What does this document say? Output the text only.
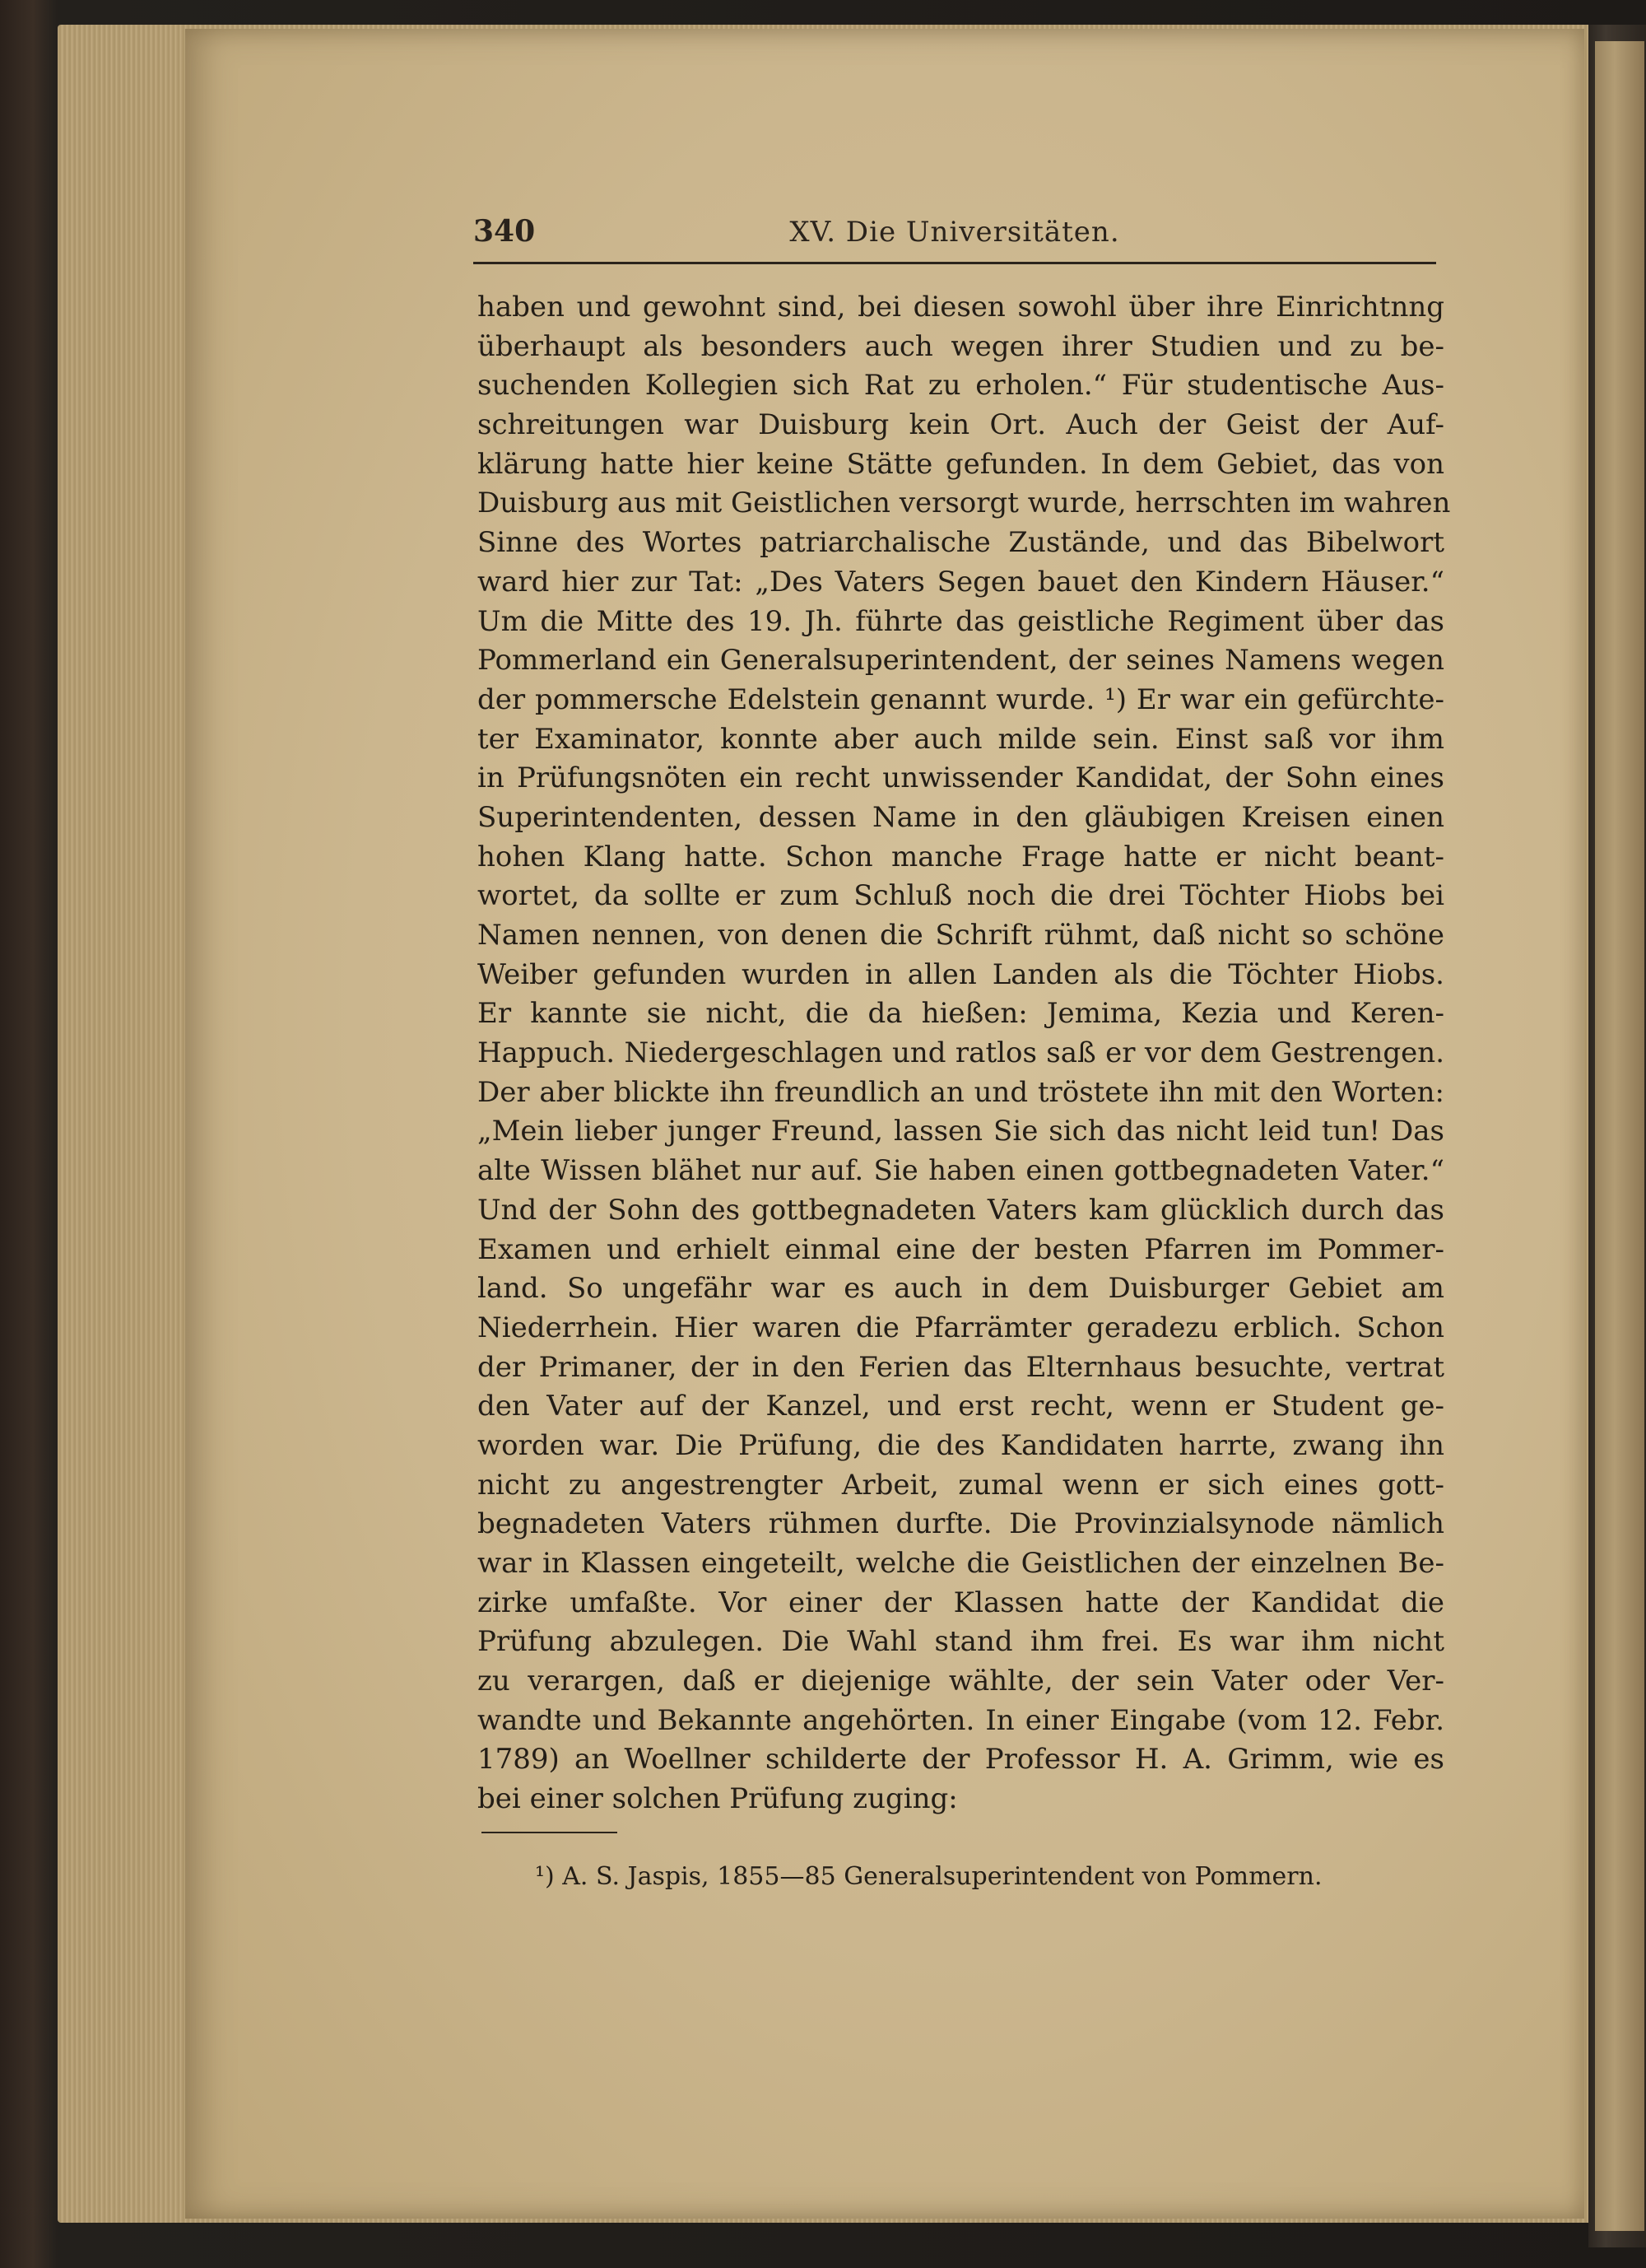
340	XV. Die Universitäten.
haben und gewohnt sind, bei diesen sowohl über ihre Einrichtnng
überhaupt als besonders auch wegen ihrer Studien und zu be-
suchenden Kollegien sich Rat zu erholen.“ Für studentische Aus-
schreitungen war Duisburg kein Ort. Auch der Geist der Auf-
klärung hatte hier keine Stätte gefunden. In dem Gebiet, das von
Duisburg aus mit Geistlichen versorgt wurde, herrschten im wahren
Sinne des Wortes patriarchalische Zustände, und das Bibelwort
ward hier zur Tat: „Des Vaters Segen bauet den Kindern Häuser.“
Um die Mitte des 19. Jh. führte das geistliche Regiment über das
Pommerland ein Generalsuperintendent, der seines Namens wegen
der pommersche Edelstein genannt wurde. ¹) Er war ein gefürchte-
ter Examinator, konnte aber auch milde sein. Einst saß vor ihm
in Prüfungsnöten ein recht unwissender Kandidat, der Sohn eines
Superintendenten, dessen Name in den gläubigen Kreisen einen
hohen Klang hatte. Schon manche Frage hatte er nicht beant-
wortet, da sollte er zum Schluß noch die drei Töchter Hiobs bei
Namen nennen, von denen die Schrift rühmt, daß nicht so schöne
Weiber gefunden wurden in allen Landen als die Töchter Hiobs.
Er kannte sie nicht, die da hießen: Jemima, Kezia und Keren-
Happuch. Niedergeschlagen und ratlos saß er vor dem Gestrengen.
Der aber blickte ihn freundlich an und tröstete ihn mit den Worten:
„Mein lieber junger Freund, lassen Sie sich das nicht leid tun! Das
alte Wissen blähet nur auf. Sie haben einen gottbegnadeten Vater.“
Und der Sohn des gottbegnadeten Vaters kam glücklich durch das
Examen und erhielt einmal eine der besten Pfarren im Pommer-
land. So ungefähr war es auch in dem Duisburger Gebiet am
Niederrhein. Hier waren die Pfarrämter geradezu erblich. Schon
der Primaner, der in den Ferien das Elternhaus besuchte, vertrat
den Vater auf der Kanzel, und erst recht, wenn er Student ge-
worden war. Die Prüfung, die des Kandidaten harrte, zwang ihn
nicht zu angestrengter Arbeit, zumal wenn er sich eines gott-
begnadeten Vaters rühmen durfte. Die Provinzialsynode nämlich
war in Klassen eingeteilt, welche die Geistlichen der einzelnen Be-
zirke umfaßte. Vor einer der Klassen hatte der Kandidat die
Prüfung abzulegen. Die Wahl stand ihm frei. Es war ihm nicht
zu verargen, daß er diejenige wählte, der sein Vater oder Ver-
wandte und Bekannte angehörten. In einer Eingabe (vom 12. Febr.
1789) an Woellner schilderte der Professor H. A. Grimm, wie es
bei einer solchen Prüfung zuging:
¹) A. S. Jaspis, 1855—85 Generalsuperintendent von Pommern.
